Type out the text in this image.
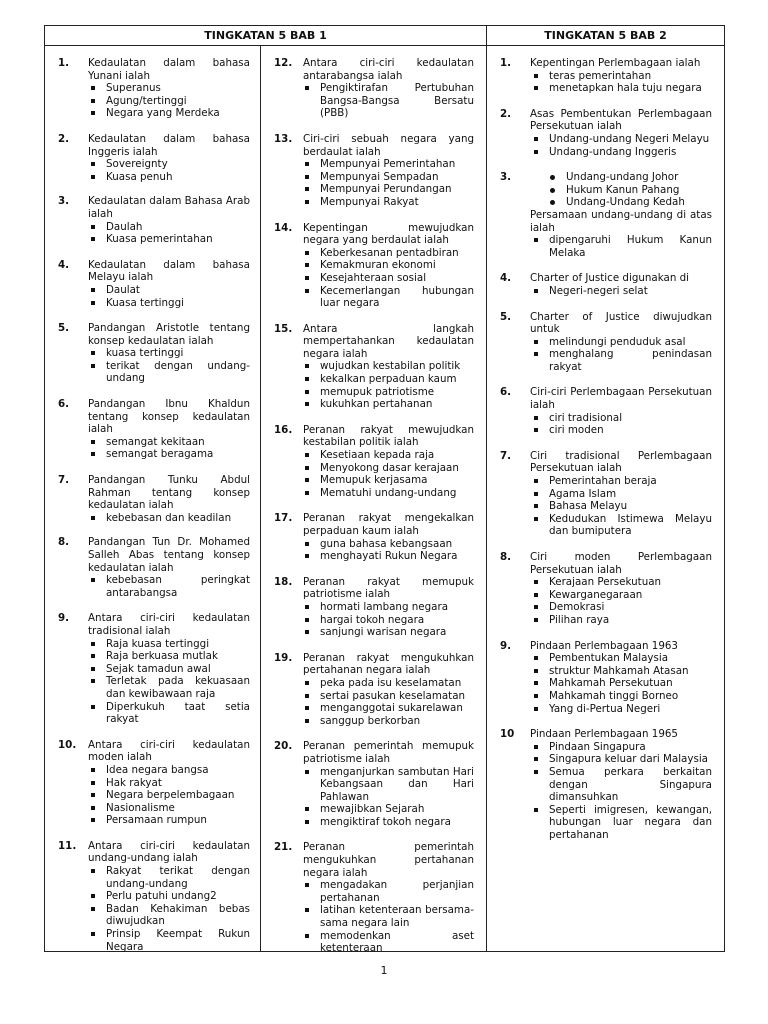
TINGKATAN 5 BAB 1	TINGKATAN 5 BAB 2
1. Kedaulatan dalam bahasa Yunani ialah
Superanus
Agung/tertinggi
Negara yang Merdeka
2. Kedaulatan dalam bahasa Inggeris ialah
Sovereignty
Kuasa penuh
3. Kedaulatan dalam Bahasa Arab ialah
Daulah
Kuasa pemerintahan
4. Kedaulatan dalam bahasa Melayu ialah
Daulat
Kuasa tertinggi
5. Pandangan Aristotle tentang konsep kedaulatan ialah
kuasa tertinggi
terikat dengan undang-undang
6. Pandangan Ibnu Khaldun tentang konsep kedaulatan ialah
semangat kekitaan
semangat beragama
7. Pandangan Tunku Abdul Rahman tentang konsep kedaulatan ialah
kebebasan dan keadilan
8. Pandangan Tun Dr. Mohamed Salleh Abas tentang konsep kedaulatan ialah
kebebasan peringkat antarabangsa
9. Antara ciri-ciri kedaulatan tradisional ialah
Raja kuasa tertinggi
Raja berkuasa mutlak
Sejak tamadun awal
Terletak pada kekuasaan dan kewibawaan raja
Diperkukuh taat setia rakyat
10. Antara ciri-ciri kedaulatan moden ialah
Idea negara bangsa
Hak rakyat
Negara berpelembagaan
Nasionalisme
Persamaan rumpun
11. Antara ciri-ciri kedaulatan undang-undang ialah
Rakyat terikat dengan undang-undang
Perlu patuhi undang2
Badan Kehakiman bebas diwujudkan
Prinsip Keempat Rukun Negara
12. Antara ciri-ciri kedaulatan antarabangsa ialah
Pengiktirafan Pertubuhan Bangsa-Bangsa Bersatu (PBB)
13. Ciri-ciri sebuah negara yang berdaulat ialah
Mempunyai Pemerintahan
Mempunyai Sempadan
Mempunyai Perundangan
Mempunyai Rakyat
14. Kepentingan mewujudkan negara yang berdaulat ialah
Keberkesanan pentadbiran
Kemakmuran ekonomi
Kesejahteraan sosial
Kecemerlangan hubungan luar negara
15. Antara langkah mempertahankan kedaulatan negara ialah
wujudkan kestabilan politik
kekalkan perpaduan kaum
memupuk patriotisme
kukuhkan pertahanan
16. Peranan rakyat mewujudkan kestabilan politik ialah
Kesetiaan kepada raja
Menyokong dasar kerajaan
Memupuk kerjasama
Mematuhi undang-undang
17. Peranan rakyat mengekalkan perpaduan kaum ialah
guna bahasa kebangsaan
menghayati Rukun Negara
18. Peranan rakyat memupuk patriotisme ialah
hormati lambang negara
hargai tokoh negara
sanjungi warisan negara
19. Peranan rakyat mengukuhkan pertahanan negara ialah
peka pada isu keselamatan
sertai pasukan keselamatan
menganggotai sukarelawan
sanggup berkorban
20. Peranan pemerintah memupuk patriotisme ialah
menganjurkan sambutan Hari Kebangsaan dan Hari Pahlawan
mewajibkan Sejarah
mengiktiraf tokoh negara
21. Peranan pemerintah mengukuhkan pertahanan negara ialah
mengadakan perjanjian pertahanan
latihan ketenteraan bersama-sama negara lain
memodenkan aset ketenteraan
1. Kepentingan Perlembagaan ialah
teras pemerintahan
menetapkan hala tuju negara
2. Asas Pembentukan Perlembagaan Persekutuan ialah
Undang-undang Negeri Melayu
Undang-undang Inggeris
3.	Undang-undang Johor
Hukum Kanun Pahang
Undang-Undang Kedah
Persamaan undang-undang di atas ialah
dipengaruhi Hukum Kanun Melaka
4. Charter of Justice digunakan di
Negeri-negeri selat
5. Charter of Justice diwujudkan untuk
melindungi penduduk asal
menghalang penindasan rakyat
6. Ciri-ciri Perlembagaan Persekutuan ialah
ciri tradisional
ciri moden
7. Ciri tradisional Perlembagaan Persekutuan ialah
Pemerintahan beraja
Agama Islam
Bahasa Melayu
Kedudukan Istimewa Melayu dan bumiputera
8. Ciri moden Perlembagaan Persekutuan ialah
Kerajaan Persekutuan
Kewarganegaraan
Demokrasi
Pilihan raya
9. Pindaan Perlembagaan 1963
Pembentukan Malaysia
struktur Mahkamah Atasan
Mahkamah Persekutuan
Mahkamah tinggi Borneo
Yang di-Pertua Negeri
10 Pindaan Perlembagaan 1965
Pindaan Singapura
Singapura keluar dari Malaysia
Semua perkara berkaitan dengan Singapura dimansuhkan
Seperti imigresen, kewangan, hubungan luar negara dan pertahanan
1
